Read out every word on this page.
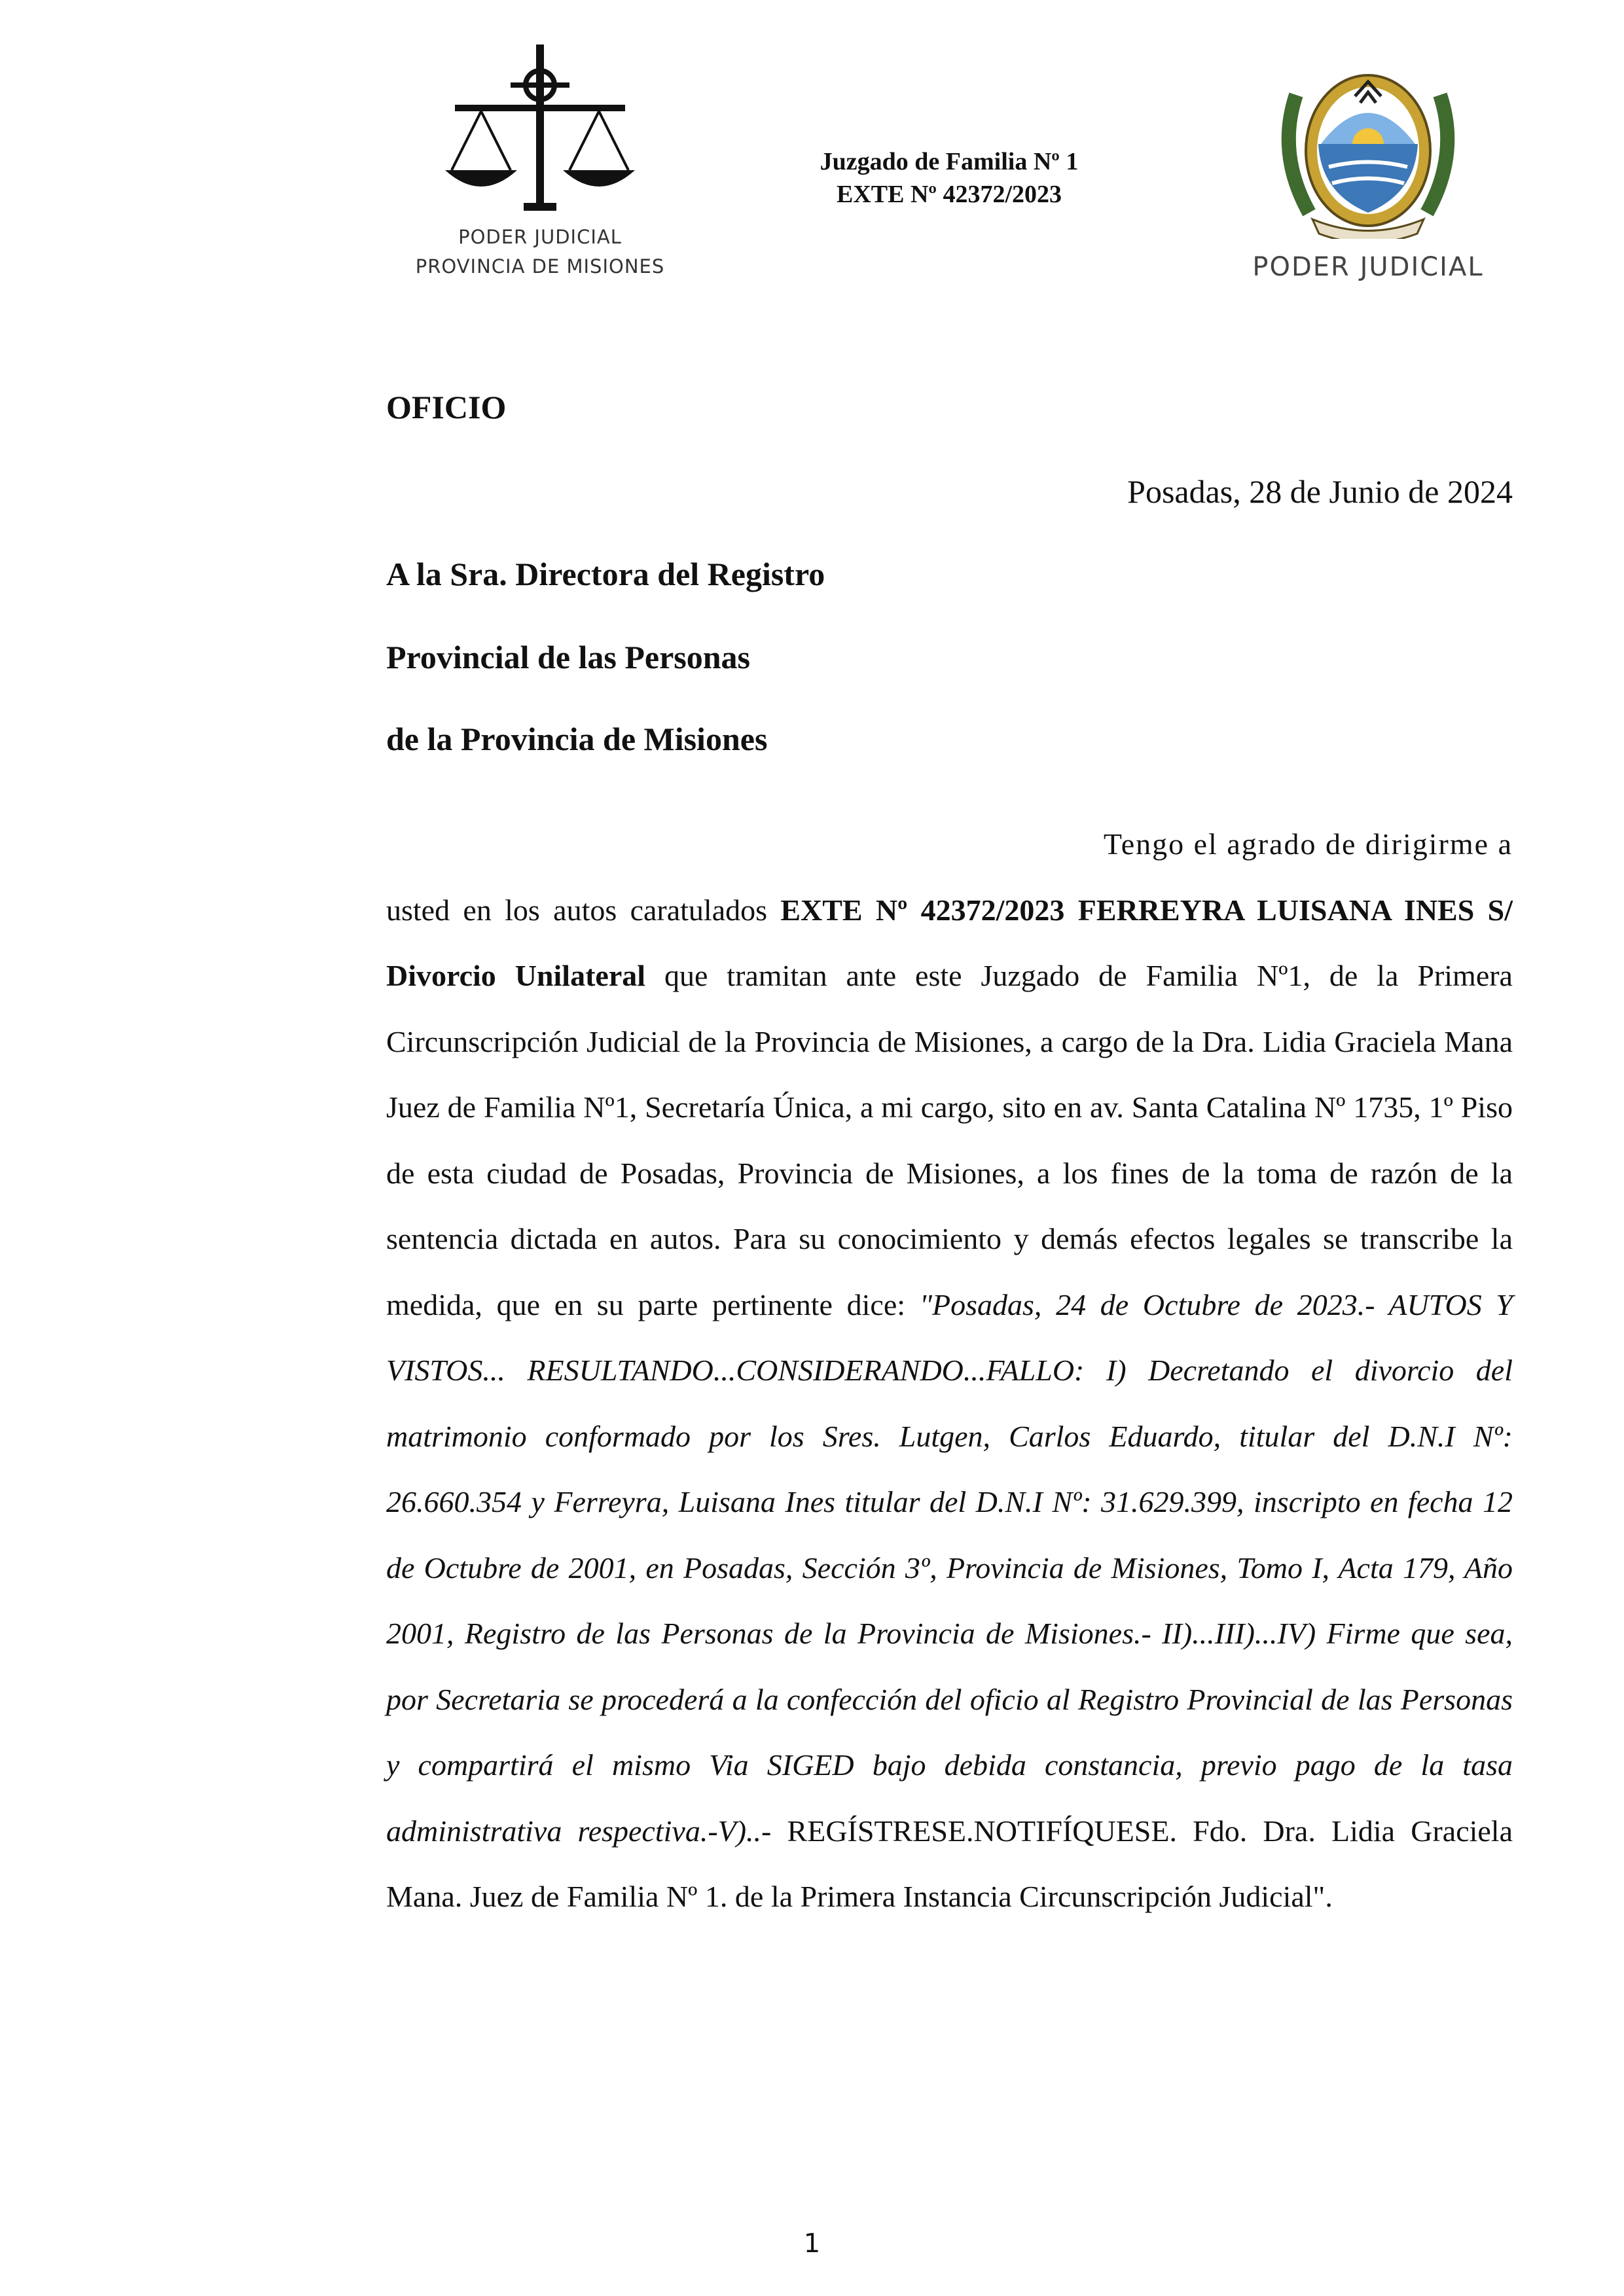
PODER JUDICIAL
PROVINCIA DE MISIONES
Juzgado de Familia Nº 1
EXTE Nº 42372/2023
PODER JUDICIAL
OFICIO
Posadas, 28 de Junio de 2024
A la Sra. Directora del Registro
Provincial de las Personas
de la Provincia de Misiones
Tengo el agrado de dirigirme a
usted en los autos caratulados EXTE Nº 42372/2023 FERREYRA LUISANA INES S/ Divorcio Unilateral que tramitan ante este Juzgado de Familia Nº1, de la Primera Circunscripción Judicial de la Provincia de Misiones, a cargo de la Dra. Lidia Graciela Mana Juez de Familia Nº1, Secretaría Única, a mi cargo, sito en av. Santa Catalina Nº 1735, 1º Piso de esta ciudad de Posadas, Provincia de Misiones, a los fines de la toma de razón de la sentencia dictada en autos. Para su conocimiento y demás efectos legales se transcribe la medida, que en su parte pertinente dice: "Posadas, 24 de Octubre de 2023.- AUTOS Y VISTOS... RESULTANDO...CONSIDERANDO...FALLO: I) Decretando el divorcio del matrimonio conformado por los Sres. Lutgen, Carlos Eduardo, titular del D.N.I Nº: 26.660.354 y Ferreyra, Luisana Ines titular del D.N.I Nº: 31.629.399, inscripto en fecha 12 de Octubre de 2001, en Posadas, Sección 3º, Provincia de Misiones, Tomo I, Acta 179, Año 2001, Registro de las Personas de la Provincia de Misiones.- II)...III)...IV) Firme que sea, por Secretaria se procederá a la confección del oficio al Registro Provincial de las Personas y compartirá el mismo Via SIGED bajo debida constancia, previo pago de la tasa administrativa respectiva.-V)..- REGÍSTRESE.NOTIFÍQUESE. Fdo. Dra. Lidia Graciela Mana. Juez de Familia Nº 1. de la Primera Instancia Circunscripción Judicial".
1
